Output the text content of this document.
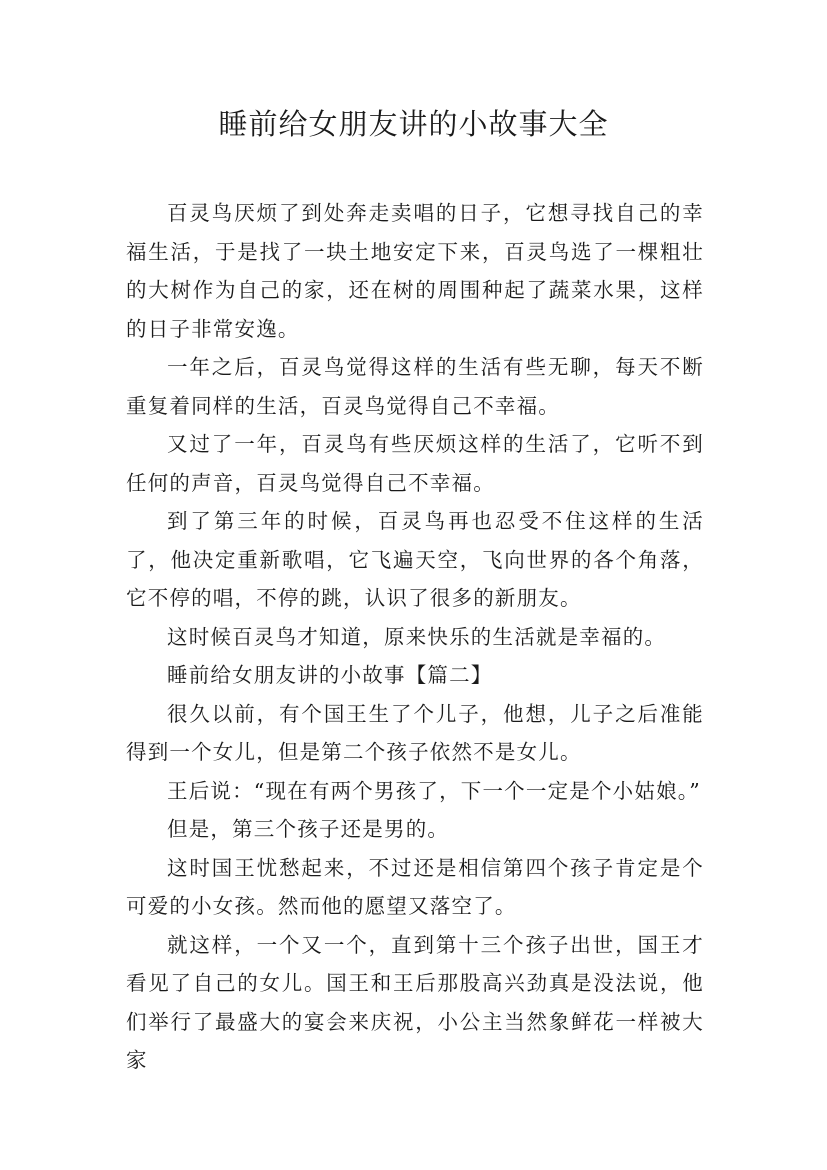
睡前给女朋友讲的小故事大全

百灵鸟厌烦了到处奔走卖唱的日子，它想寻找自己的幸福生活，于是找了一块土地安定下来，百灵鸟选了一棵粗壮的大树作为自己的家，还在树的周围种起了蔬菜水果，这样的日子非常安逸。

一年之后，百灵鸟觉得这样的生活有些无聊，每天不断重复着同样的生活，百灵鸟觉得自己不幸福。

又过了一年，百灵鸟有些厌烦这样的生活了，它听不到任何的声音，百灵鸟觉得自己不幸福。

到了第三年的时候，百灵鸟再也忍受不住这样的生活了，他决定重新歌唱，它飞遍天空，飞向世界的各个角落，它不停的唱，不停的跳，认识了很多的新朋友。

这时候百灵鸟才知道，原来快乐的生活就是幸福的。

睡前给女朋友讲的小故事【篇二】

很久以前，有个国王生了个儿子，他想，儿子之后准能得到一个女儿，但是第二个孩子依然不是女儿。

王后说：“现在有两个男孩了，下一个一定是个小姑娘。”

但是，第三个孩子还是男的。

这时国王忧愁起来，不过还是相信第四个孩子肯定是个可爱的小女孩。然而他的愿望又落空了。

就这样，一个又一个，直到第十三个孩子出世，国王才看见了自己的女儿。国王和王后那股高兴劲真是没法说，他们举行了最盛大的宴会来庆祝，小公主当然象鲜花一样被大家
